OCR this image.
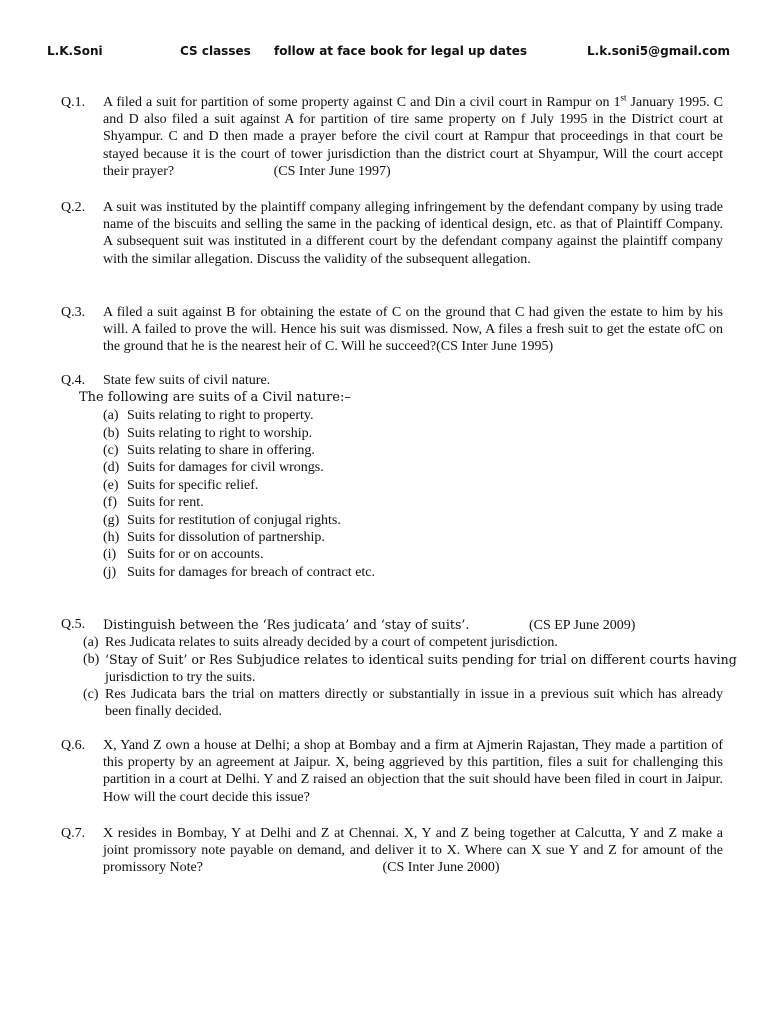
L.K.Soni	CS classes follow at face book for legal up dates	L.k.soni5@gmail.com
Q.1. A filed a suit for partition of some property against C and Din a civil court in Rampur on 1st January 1995. C and D also filed a suit against A for partition of tire same property on f July 1995 in the District court at Shyampur. C and D then made a prayer before the civil court at Rampur that proceedings in that court be stayed because it is the court of tower jurisdiction than the district court at Shyampur, Will the court accept their prayer?	(CS Inter June 1997)
Q.2. A suit was instituted by the plaintiff company alleging infringement by the defendant company by using trade name of the biscuits and selling the same in the packing of identical design, etc. as that of Plaintiff Company. A subsequent suit was instituted in a different court by the defendant company against the plaintiff company with the similar allegation. Discuss the validity of the subsequent allegation.
Q.3. A filed a suit against B for obtaining the estate of C on the ground that C had given the estate to him by his will. A failed to prove the will. Hence his suit was dismissed. Now, A files a fresh suit to get the estate ofC on the ground that he is the nearest heir of C. Will he succeed?(CS Inter June 1995)
Q.4. State few suits of civil nature.
The following are suits of a Civil nature:–
(a) Suits relating to right to property.
(b) Suits relating to right to worship.
(c) Suits relating to share in offering.
(d) Suits for damages for civil wrongs.
(e) Suits for specific relief.
(f) Suits for rent.
(g) Suits for restitution of conjugal rights.
(h) Suits for dissolution of partnership.
(i) Suits for or on accounts.
(j) Suits for damages for breach of contract etc.
Q.5. Distinguish between the ‘Res judicata’ and ‘stay of suits’.	(CS EP June 2009)
(a) Res Judicata relates to suits already decided by a court of competent jurisdiction.
(b) ‘Stay of Suit’ or Res Subjudice relates to identical suits pending for trial on different courts having
jurisdiction to try the suits.
(c) Res Judicata bars the trial on matters directly or substantially in issue in a previous suit which has already been finally decided.
Q.6. X, Yand Z own a house at Delhi; a shop at Bombay and a firm at Ajmerin Rajastan, They made a partition of this property by an agreement at Jaipur. X, being aggrieved by this partition, files a suit for challenging this partition in a court at Delhi. Y and Z raised an objection that the suit should have been filed in court in Jaipur. How will the court decide this issue?
Q.7. X resides in Bombay, Y at Delhi and Z at Chennai. X, Y and Z being together at Calcutta, Y and Z make a joint promissory note payable on demand, and deliver it to X. Where can X sue Y and Z for amount of the promissory Note?	(CS Inter June 2000)
